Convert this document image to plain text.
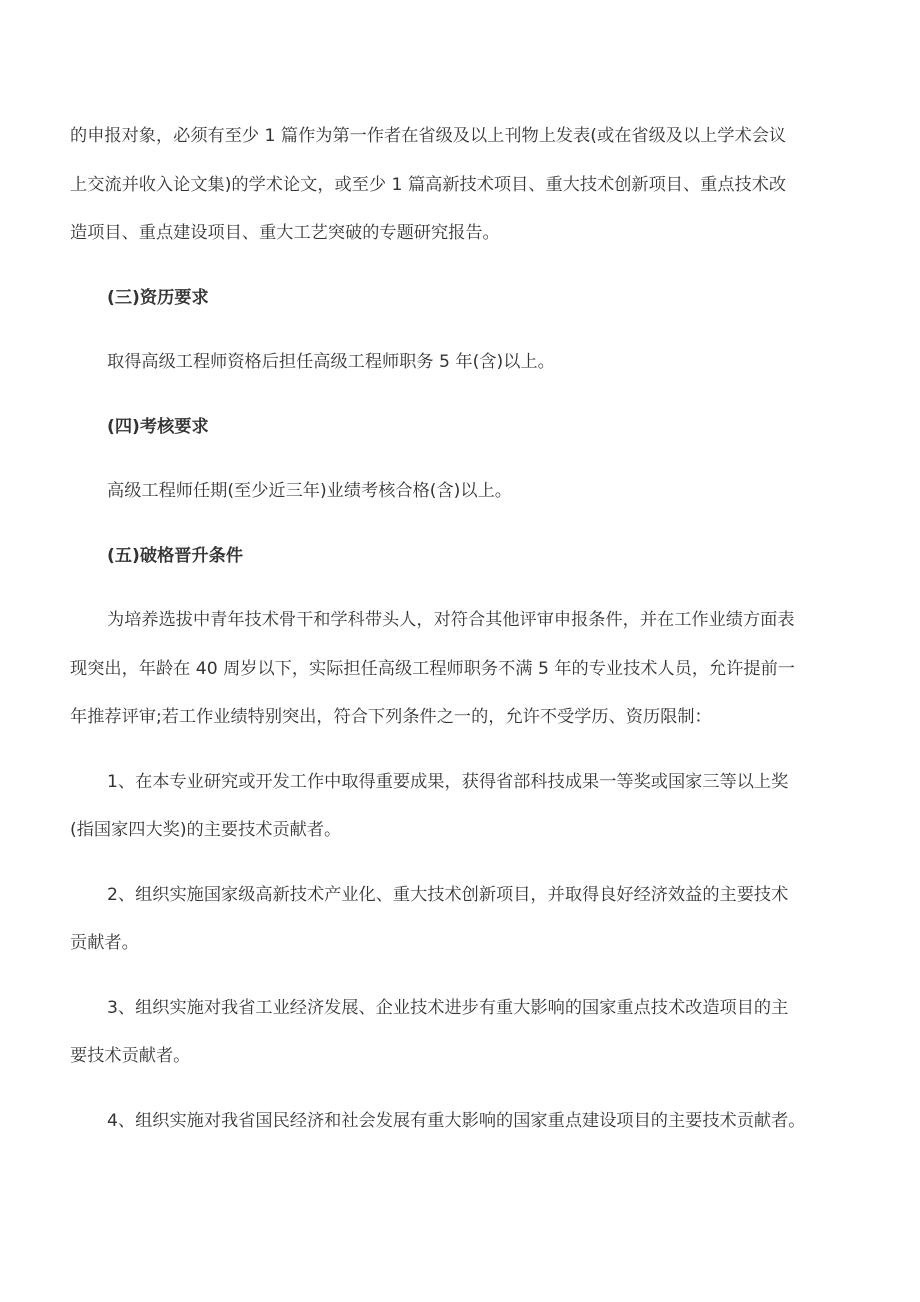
的申报对象，必须有至少 1 篇作为第一作者在省级及以上刊物上发表(或在省级及以上学术会议
上交流并收入论文集)的学术论文，或至少 1 篇高新技术项目、重大技术创新项目、重点技术改
造项目、重点建设项目、重大工艺突破的专题研究报告。
(三)资历要求
取得高级工程师资格后担任高级工程师职务 5 年(含)以上。
(四)考核要求
高级工程师任期(至少近三年)业绩考核合格(含)以上。
(五)破格晋升条件
为培养选拔中青年技术骨干和学科带头人，对符合其他评审申报条件，并在工作业绩方面表
现突出，年龄在 40 周岁以下，实际担任高级工程师职务不满 5 年的专业技术人员，允许提前一
年推荐评审;若工作业绩特别突出，符合下列条件之一的，允许不受学历、资历限制：
1、在本专业研究或开发工作中取得重要成果，获得省部科技成果一等奖或国家三等以上奖
(指国家四大奖)的主要技术贡献者。
2、组织实施国家级高新技术产业化、重大技术创新项目，并取得良好经济效益的主要技术
贡献者。
3、组织实施对我省工业经济发展、企业技术进步有重大影响的国家重点技术改造项目的主
要技术贡献者。
4、组织实施对我省国民经济和社会发展有重大影响的国家重点建设项目的主要技术贡献者。
